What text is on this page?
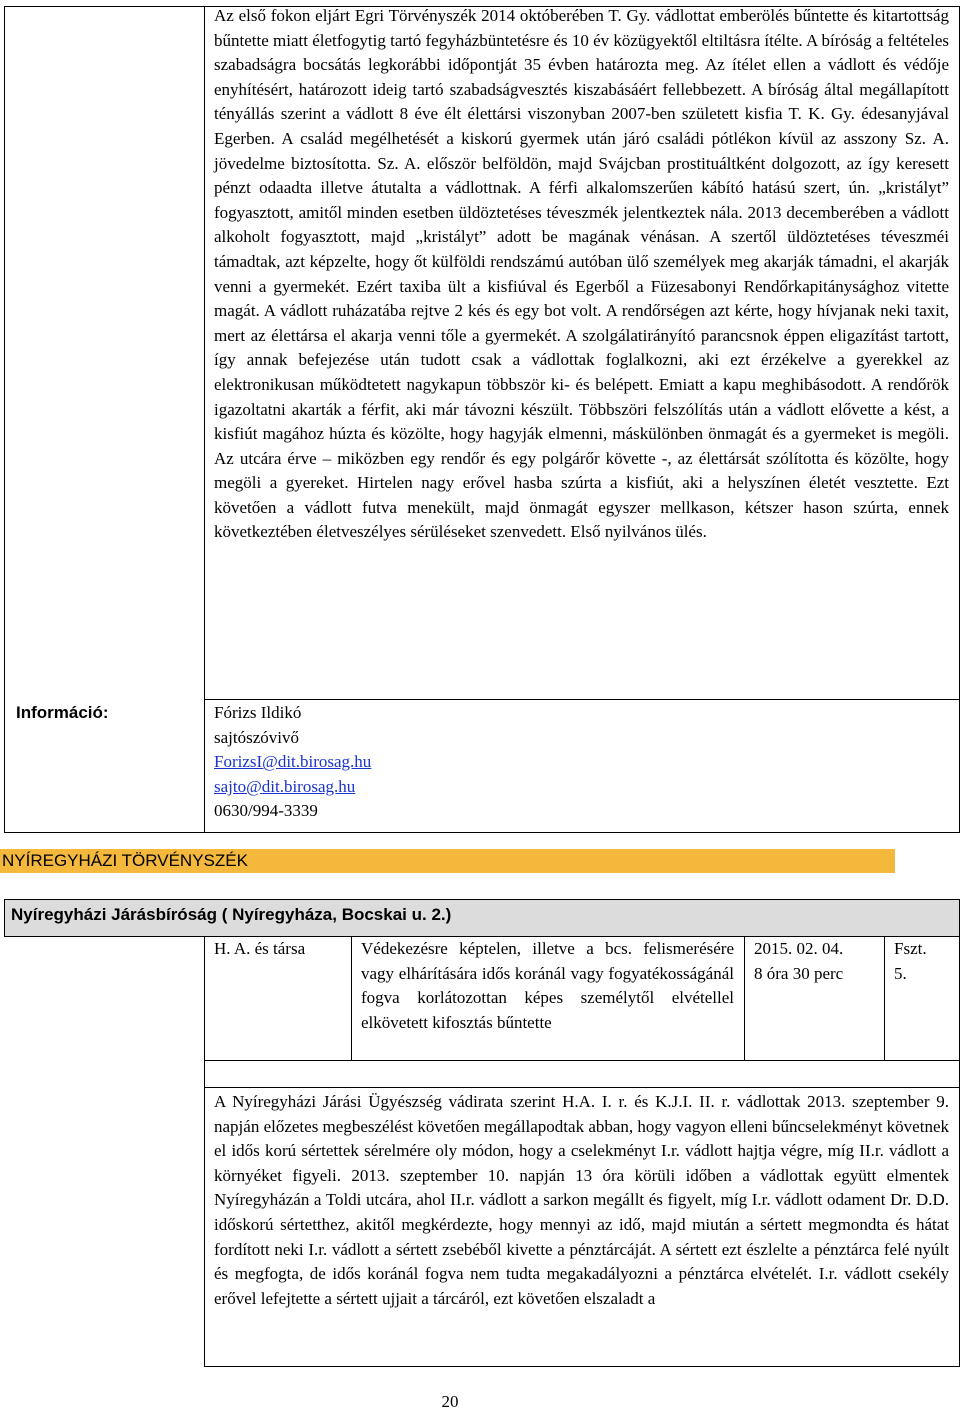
Az első fokon eljárt Egri Törvényszék 2014 októberében T. Gy. vádlottat emberölés bűntette és kitartottság bűntette miatt életfogytig tartó fegyházbüntetésre és 10 év közügyektől eltiltásra ítélte. A bíróság a feltételes szabadságra bocsátás legkorábbi időpontját 35 évben határozta meg. Az ítélet ellen a vádlott és védője enyhítésért, határozott ideig tartó szabadságvesztés kiszabásáért fellebbezett. A bíróság által megállapított tényállás szerint a vádlott 8 éve élt élettársi viszonyban 2007-ben született kisfia T. K. Gy. édesanyjával Egerben. A család megélhetését a kiskorú gyermek után járó családi pótlékon kívül az asszony Sz. A. jövedelme biztosította. Sz. A. először belföldön, majd Svájcban prostituáltként dolgozott, az így keresett pénzt odaadta illetve átutalta a vádlottnak. A férfi alkalomszerűen kábító hatású szert, ún. „kristályt” fogyasztott, amitől minden esetben üldöztetéses téveszmék jelentkeztek nála. 2013 decemberében a vádlott alkoholt fogyasztott, majd „kristályt” adott be magának vénásan. A szertől üldöztetéses téveszméi támadtak, azt képzelte, hogy őt külföldi rendszámú autóban ülő személyek meg akarják támadni, el akarják venni a gyermekét. Ezért taxiba ült a kisfiúval és Egerből a Füzesabonyi Rendőrkapitánysághoz vitette magát. A vádlott ruházatába rejtve 2 kés és egy bot volt. A rendőrségen azt kérte, hogy hívjanak neki taxit, mert az élettársa el akarja venni tőle a gyermekét. A szolgálatirányító parancsnok éppen eligazítást tartott, így annak befejezése után tudott csak a vádlottak foglalkozni, aki ezt érzékelve a gyerekkel az elektronikusan működtetett nagykapun többször ki- és belépett. Emiatt a kapu meghibásodott. A rendőrök igazoltatni akarták a férfit, aki már távozni készült. Többszöri felszólítás után a vádlott elővette a kést, a kisfiút magához húzta és közölte, hogy hagyják elmenni, máskülönben önmagát és a gyermeket is megöli. Az utcára érve – miközben egy rendőr és egy polgárőr követte -, az élettársát szólította és közölte, hogy megöli a gyereket. Hirtelen nagy erővel hasba szúrta a kisfiút, aki a helyszínen életét vesztette. Ezt követően a vádlott futva menekült, majd önmagát egyszer mellkason, kétszer hason szúrta, ennek következtében életveszélyes sérüléseket szenvedett. Első nyilvános ülés.

Információ:	Fórizs Ildikó

sajtószóvivő

ForizsI@dit.birosag.hu

sajto@dit.birosag.hu

0630/994-3339

NYÍREGYHÁZI TÖRVÉNYSZÉK
Nyíregyházi Járásbíróság ( Nyíregyháza, Bocskai u. 2.)
H. A. és társa	Védekezésre képtelen, illetve a bcs. felismerésére vagy elhárítására idős koránál vagy fogyatékosságánál fogva korlátozottan képes személytől elvétellel elkövetett kifosztás bűntette

2015. 02. 04.

8 óra 30 perc

Fszt. 5.

A Nyíregyházi Járási Ügyészség vádirata szerint H.A. I. r. és K.J.I. II. r. vádlottak 2013. szeptember 9. napján előzetes megbeszélést követően megállapodtak abban, hogy vagyon elleni bűncselekményt követnek el idős korú sértettek sérelmére oly módon, hogy a cselekményt I.r. vádlott hajtja végre, míg II.r. vádlott a környéket figyeli. 2013. szeptember 10. napján 13 óra körüli időben a vádlottak együtt elmentek Nyíregyházán a Toldi utcára, ahol II.r. vádlott a sarkon megállt és figyelt, míg I.r. vádlott odament Dr. D.D. időskorú sértetthez, akitől megkérdezte, hogy mennyi az idő, majd miután a sértett megmondta és hátat fordított neki I.r. vádlott a sértett zsebéből kivette a pénztárcáját. A sértett ezt észlelte a pénztárca felé nyúlt és megfogta, de idős koránál fogva nem tudta megakadályozni a pénztárca elvételét. I.r. vádlott csekély erővel lefejtette a sértett ujjait a tárcáról, ezt követően elszaladt a

20
